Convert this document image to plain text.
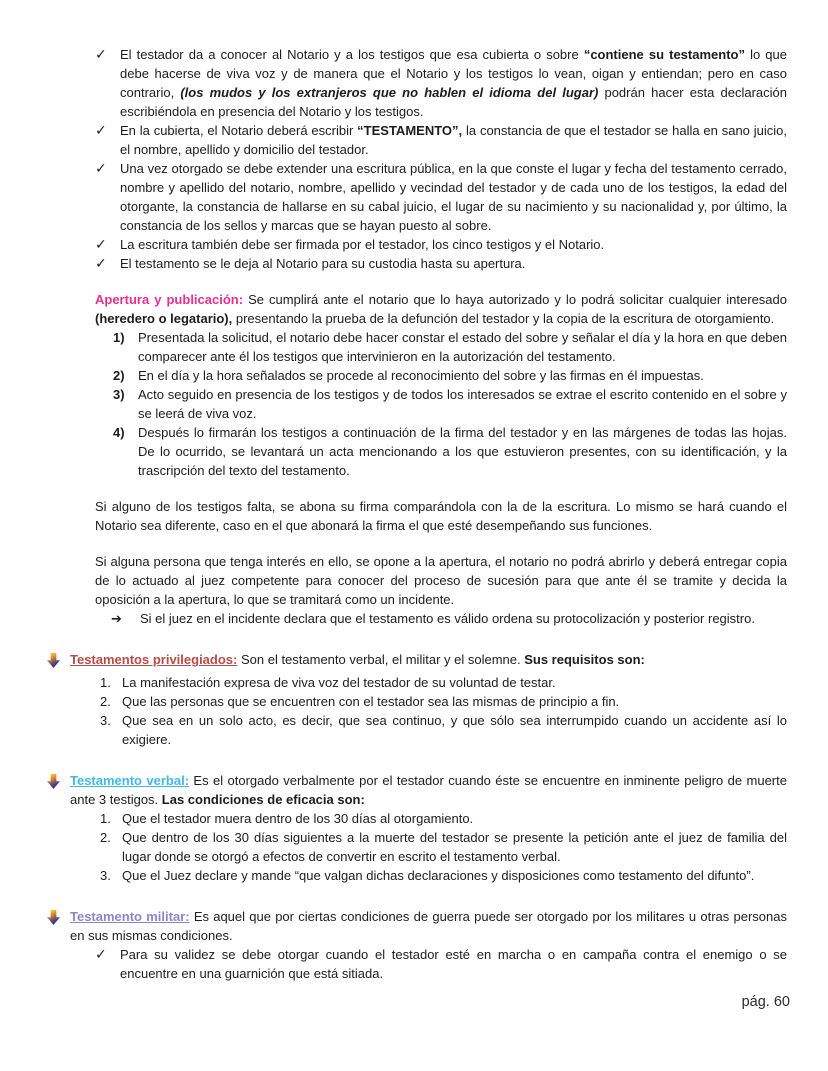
✓	El testador da a conocer al Notario y a los testigos que esa cubierta o sobre “contiene su testamento” lo que debe hacerse de viva voz y de manera que el Notario y los testigos lo vean, oigan y entiendan; pero en caso contrario, (los mudos y los extranjeros que no hablen el idioma del lugar) podrán hacer esta declaración escribiéndola en presencia del Notario y los testigos.
✓	En la cubierta, el Notario deberá escribir “TESTAMENTO”, la constancia de que el testador se halla en sano juicio, el nombre, apellido y domicilio del testador.
✓	Una vez otorgado se debe extender una escritura pública, en la que conste el lugar y fecha del testamento cerrado, nombre y apellido del notario, nombre, apellido y vecindad del testador y de cada uno de los testigos, la edad del otorgante, la constancia de hallarse en su cabal juicio, el lugar de su nacimiento y su nacionalidad y, por último, la constancia de los sellos y marcas que se hayan puesto al sobre.
✓	La escritura también debe ser firmada por el testador, los cinco testigos y el Notario.
✓	El testamento se le deja al Notario para su custodia hasta su apertura.
Apertura y publicación: Se cumplirá ante el notario que lo haya autorizado y lo podrá solicitar cualquier interesado (heredero o legatario), presentando la prueba de la defunción del testador y la copia de la escritura de otorgamiento.
1)	Presentada la solicitud, el notario debe hacer constar el estado del sobre y señalar el día y la hora en que deben comparecer ante él los testigos que intervinieron en la autorización del testamento.
2)	En el día y la hora señalados se procede al reconocimiento del sobre y las firmas en él impuestas.
3)	Acto seguido en presencia de los testigos y de todos los interesados se extrae el escrito contenido en el sobre y se leerá de viva voz.
4)	Después lo firmarán los testigos a continuación de la firma del testador y en las márgenes de todas las hojas. De lo ocurrido, se levantará un acta mencionando a los que estuvieron presentes, con su identificación, y la trascripción del texto del testamento.
Si alguno de los testigos falta, se abona su firma comparándola con la de la escritura. Lo mismo se hará cuando el Notario sea diferente, caso en el que abonará la firma el que esté desempeñando sus funciones.
Si alguna persona que tenga interés en ello, se opone a la apertura, el notario no podrá abrirlo y deberá entregar copia de lo actuado al juez competente para conocer del proceso de sucesión para que ante él se tramite y decida la oposición a la apertura, lo que se tramitará como un incidente.
➔	Si el juez en el incidente declara que el testamento es válido ordena su protocolización y posterior registro.
Testamentos privilegiados: Son el testamento verbal, el militar y el solemne. Sus requisitos son:
1. La manifestación expresa de viva voz del testador de su voluntad de testar.
2. Que las personas que se encuentren con el testador sea las mismas de principio a fin.
3. Que sea en un solo acto, es decir, que sea continuo, y que sólo sea interrumpido cuando un accidente así lo exigiere.
Testamento verbal: Es el otorgado verbalmente por el testador cuando éste se encuentre en inminente peligro de muerte ante 3 testigos. Las condiciones de eficacia son:
1. Que el testador muera dentro de los 30 días al otorgamiento.
2. Que dentro de los 30 días siguientes a la muerte del testador se presente la petición ante el juez de familia del lugar donde se otorgó a efectos de convertir en escrito el testamento verbal.
3. Que el Juez declare y mande “que valgan dichas declaraciones y disposiciones como testamento del difunto”.
Testamento militar: Es aquel que por ciertas condiciones de guerra puede ser otorgado por los militares u otras personas en sus mismas condiciones.
✓	Para su validez se debe otorgar cuando el testador esté en marcha o en campaña contra el enemigo o se encuentre en una guarnición que está sitiada.
pág. 60
